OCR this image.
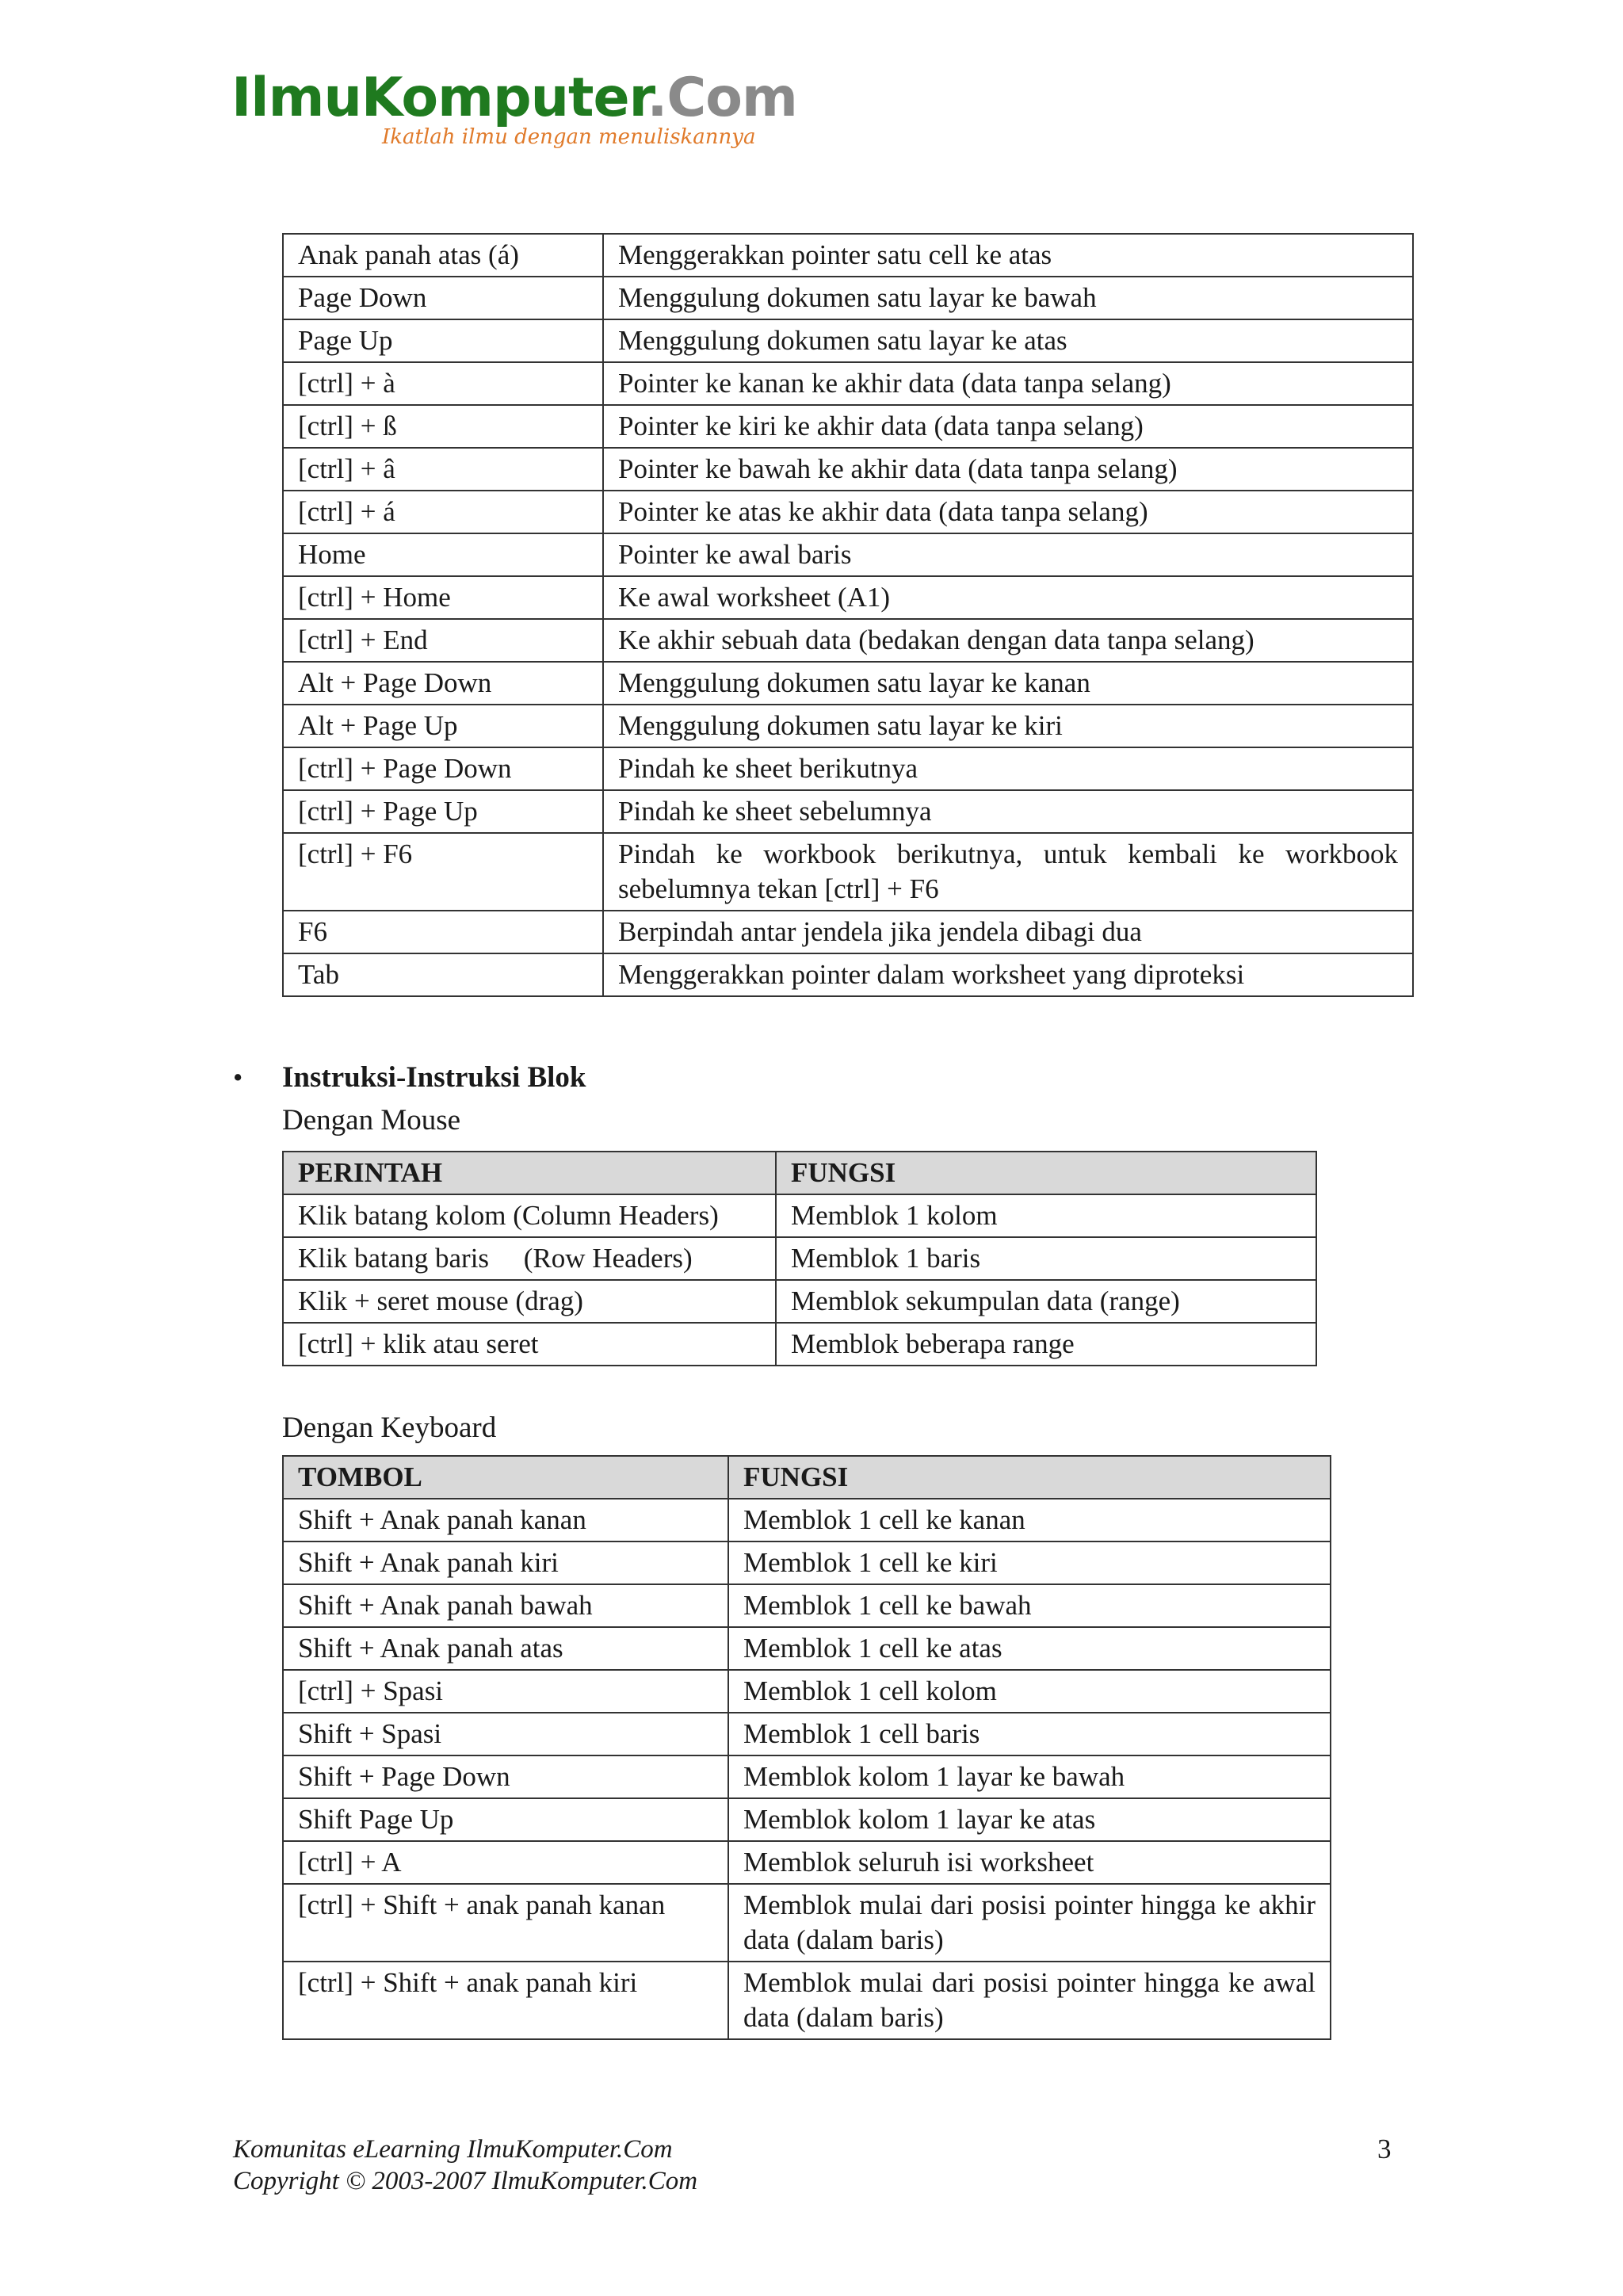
IlmuKomputer.Com
Ikatlah ilmu dengan menuliskannya
Anak panah atas (á)	Menggerakkan pointer satu cell ke atas
Page Down	Menggulung dokumen satu layar ke bawah
Page Up	Menggulung dokumen satu layar ke atas
[ctrl] + à	Pointer ke kanan ke akhir data (data tanpa selang)
[ctrl] + ß	Pointer ke kiri ke akhir data (data tanpa selang)
[ctrl] + â	Pointer ke bawah ke akhir data (data tanpa selang)
[ctrl] + á	Pointer ke atas ke akhir data (data tanpa selang)
Home	Pointer ke awal baris
[ctrl] + Home	Ke awal worksheet (A1)
[ctrl] + End	Ke akhir sebuah data (bedakan dengan data tanpa selang)
Alt + Page Down	Menggulung dokumen satu layar ke kanan
Alt + Page Up	Menggulung dokumen satu layar ke kiri
[ctrl] + Page Down	Pindah ke sheet berikutnya
[ctrl] + Page Up	Pindah ke sheet sebelumnya
[ctrl] + F6	Pindah ke workbook berikutnya, untuk kembali ke workbook sebelumnya tekan [ctrl] + F6
F6	Berpindah antar jendela jika jendela dibagi dua
Tab	Menggerakkan pointer dalam worksheet yang diproteksi
• Instruksi-Instruksi Blok
Dengan Mouse
PERINTAH	FUNGSI
Klik batang kolom (Column Headers)	Memblok 1 kolom
Klik batang baris     (Row Headers)	Memblok 1 baris
Klik + seret mouse (drag)	Memblok sekumpulan data (range)
[ctrl] + klik atau seret	Memblok beberapa range
Dengan Keyboard
TOMBOL	FUNGSI
Shift + Anak panah kanan	Memblok 1 cell ke kanan
Shift + Anak panah kiri	Memblok 1 cell ke kiri
Shift + Anak panah bawah	Memblok 1 cell ke bawah
Shift + Anak panah atas	Memblok 1 cell ke atas
[ctrl] + Spasi	Memblok 1 cell kolom
Shift + Spasi	Memblok 1 cell baris
Shift + Page Down	Memblok kolom 1 layar ke bawah
Shift Page Up	Memblok kolom 1 layar ke atas
[ctrl] + A	Memblok seluruh isi worksheet
[ctrl] + Shift + anak panah kanan	Memblok mulai dari posisi pointer hingga ke akhir data (dalam baris)
[ctrl] + Shift + anak panah kiri	Memblok mulai dari posisi pointer hingga ke awal data (dalam baris)
Komunitas eLearning IlmuKomputer.Com
Copyright © 2003-2007 IlmuKomputer.Com
3
